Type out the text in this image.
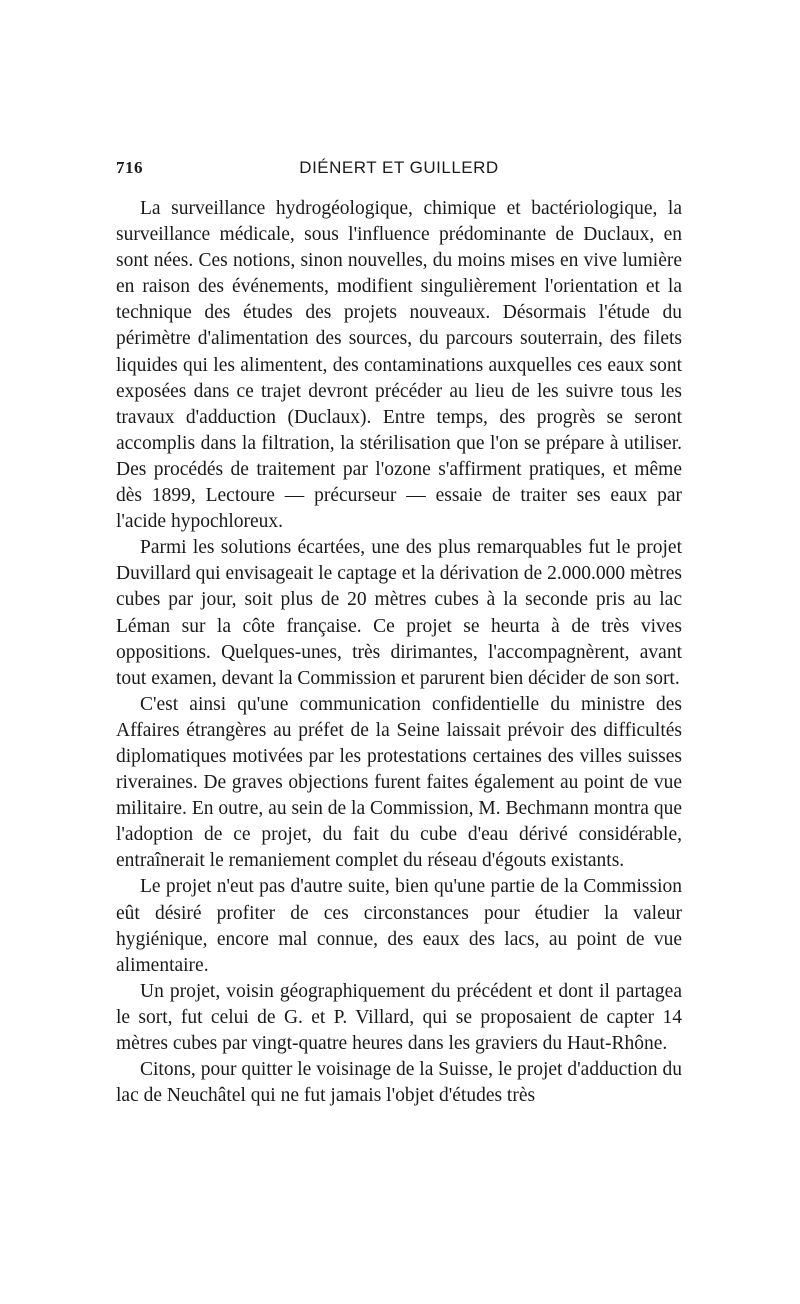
716	DIÉNERT ET GUILLERD

La surveillance hydrogéologique, chimique et bactériologique, la surveillance médicale, sous l'influence prédominante de Duclaux, en sont nées. Ces notions, sinon nouvelles, du moins mises en vive lumière en raison des événements, modifient singulièrement l'orientation et la technique des études des projets nouveaux. Désormais l'étude du périmètre d'alimentation des sources, du parcours souterrain, des filets liquides qui les alimentent, des contaminations auxquelles ces eaux sont exposées dans ce trajet devront précéder au lieu de les suivre tous les travaux d'adduction (Duclaux). Entre temps, des progrès se seront accomplis dans la filtration, la stérilisation que l'on se prépare à utiliser. Des procédés de traitement par l'ozone s'affirment pratiques, et même dès 1899, Lectoure — précurseur — essaie de traiter ses eaux par l'acide hypochloreux.

Parmi les solutions écartées, une des plus remarquables fut le projet Duvillard qui envisageait le captage et la dérivation de 2.000.000 mètres cubes par jour, soit plus de 20 mètres cubes à la seconde pris au lac Léman sur la côte française. Ce projet se heurta à de très vives oppositions. Quelques-unes, très dirimantes, l'accompagnèrent, avant tout examen, devant la Commission et parurent bien décider de son sort.

C'est ainsi qu'une communication confidentielle du ministre des Affaires étrangères au préfet de la Seine laissait prévoir des difficultés diplomatiques motivées par les protestations certaines des villes suisses riveraines. De graves objections furent faites également au point de vue militaire. En outre, au sein de la Commission, M. Bechmann montra que l'adoption de ce projet, du fait du cube d'eau dérivé considérable, entraînerait le remaniement complet du réseau d'égouts existants.

Le projet n'eut pas d'autre suite, bien qu'une partie de la Commission eût désiré profiter de ces circonstances pour étudier la valeur hygiénique, encore mal connue, des eaux des lacs, au point de vue alimentaire.

Un projet, voisin géographiquement du précédent et dont il partagea le sort, fut celui de G. et P. Villard, qui se proposaient de capter 14 mètres cubes par vingt-quatre heures dans les graviers du Haut-Rhône.

Citons, pour quitter le voisinage de la Suisse, le projet d'adduction du lac de Neuchâtel qui ne fut jamais l'objet d'études très
